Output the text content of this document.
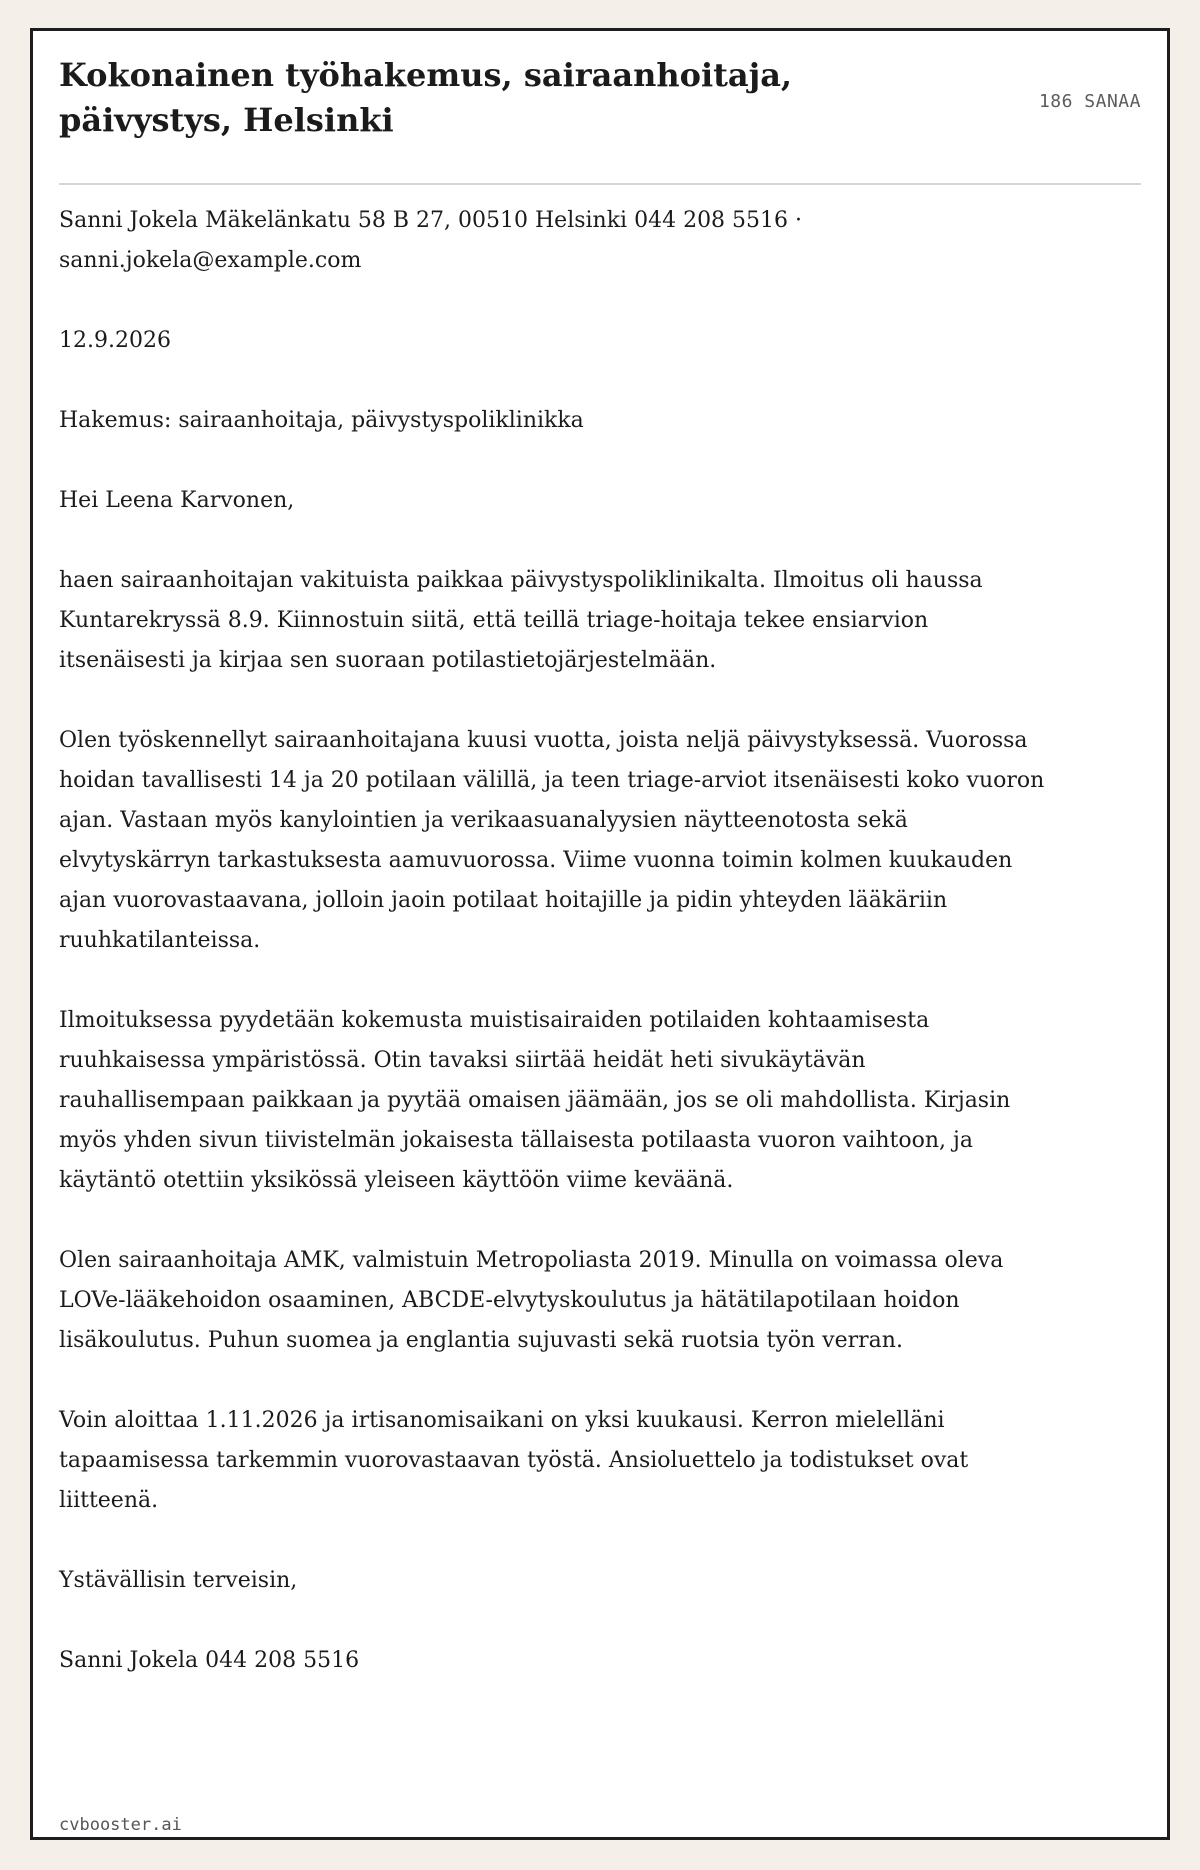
Kokonainen työhakemus, sairaanhoitaja, päivystys, Helsinki	186 SANAA

Sanni Jokela Mäkelänkatu 58 B 27, 00510 Helsinki 044 208 5516 · sanni.jokela@example.com

12.9.2026

Hakemus: sairaanhoitaja, päivystyspoliklinikka

Hei Leena Karvonen,

haen sairaanhoitajan vakituista paikkaa päivystyspoliklinikalta. Ilmoitus oli haussa Kuntarekryssä 8.9. Kiinnostuin siitä, että teillä triage-hoitaja tekee ensiarvion itsenäisesti ja kirjaa sen suoraan potilastietojärjestelmään.

Olen työskennellyt sairaanhoitajana kuusi vuotta, joista neljä päivystyksessä. Vuorossa hoidan tavallisesti 14 ja 20 potilaan välillä, ja teen triage-arviot itsenäisesti koko vuoron ajan. Vastaan myös kanylointien ja verikaasuanalyysien näytteenotosta sekä elvytyskärryn tarkastuksesta aamuvuorossa. Viime vuonna toimin kolmen kuukauden ajan vuorovastaavana, jolloin jaoin potilaat hoitajille ja pidin yhteyden lääkäriin ruuhkatilanteissa.

Ilmoituksessa pyydetään kokemusta muistisairaiden potilaiden kohtaamisesta ruuhkaisessa ympäristössä. Otin tavaksi siirtää heidät heti sivukäytävän rauhallisempaan paikkaan ja pyytää omaisen jäämään, jos se oli mahdollista. Kirjasin myös yhden sivun tiivistelmän jokaisesta tällaisesta potilaasta vuoron vaihtoon, ja käytäntö otettiin yksikössä yleiseen käyttöön viime keväänä.

Olen sairaanhoitaja AMK, valmistuin Metropoliasta 2019. Minulla on voimassa oleva LOVe-lääkehoidon osaaminen, ABCDE-elvytyskoulutus ja hätätilapotilaan hoidon lisäkoulutus. Puhun suomea ja englantia sujuvasti sekä ruotsia työn verran.

Voin aloittaa 1.11.2026 ja irtisanomisaikani on yksi kuukausi. Kerron mielelläni tapaamisessa tarkemmin vuorovastaavan työstä. Ansioluettelo ja todistukset ovat liitteenä.

Ystävällisin terveisin,

Sanni Jokela 044 208 5516

cvbooster.ai
